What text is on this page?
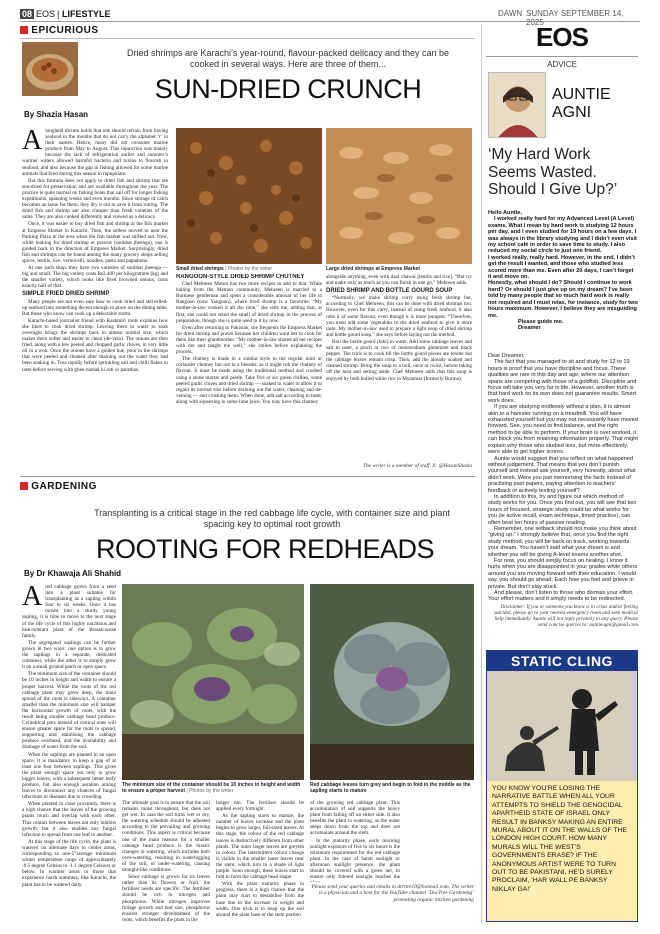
08 EOS | LIFESTYLE	DAWN SUNDAY SEPTEMBER 14, 2025
EPICURIOUS
Dried shrimps are Karachi’s year-round, flavour-packed delicacy and they can be cooked in several ways. Here are three of them...
SUN-DRIED CRUNCH
By Shazia Hasan
A longheld dictum holds that one should refrain from having seafood in the months that do not carry the alphabet ‘r’ in their names. Hence, many did not consume marine produce from May to August. This injunction was mainly because the lack of refrigeration earlier and summer’s warmer waters allowed harmful bacteria and toxins to flourish in seafood, and also because the gap in fishing allowed for some marine animals that bred during this season to repopulate.

But this formula does not apply to dried fish and shrimp that are sun-dried for preservation and are available throughout the year. The practice is quite normal on fishing boats that sail off for longer fishing expeditions, spanning weeks and even months. Since storage of catch becomes an issue for them, they dry it out to save it from rotting. The dried fish and shrimp are also cheaper than fresh varieties of the same. They are also cooked differently and viewed as a delicacy.

Once, it was easier to buy dried fish and shrimp at the fish market at Empress Market in Karachi. Then, the sellers moved to near the Parking Plaza in the area when the fish market was shifted out. Now, while looking for dried shrimp or prawns (soobhat jheenga), one is guided back in the direction of Empress Market. Surprisingly, dried fish and shrimps can be found among the many grocery shops selling spices, lentils, rice, vermicelli, noodles, pasta and papadums.

At one such shop, they have two varieties of soobhat jheenga — big and small. The big variety costs Rs2,400 per kilogramme (kg) and the smaller variety, which looks like fried browned onions, costs exactly half of that.

SIMPLE FRIED DRIED SHRIMP

Many people are not even sure how to cook dried and shrivelled-up seafood into something decent enough to place on the dining table. But those who know can cook up a delectable storm.

Karachi-based journalist friend with Kashmiri roots explains how she likes to cook dried shrimp. Leaving them in water to soak overnight brings the shrimps back to almost normal size, which makes them softer and easier to clean (de-vein). The onions are then fried, along with a few peeled and chopped garlic cloves, in very little oil in a wok. Once the onions have a golden hue, pour in the shrimps that were peeled and cleaned after draining out the water they had been soaking in. Toss rapidly before sprinkling salt and chilli flakes to taste before serving with ghee-namak ki roti or parathas.

Small dried shrimps | Photos by the writer	Large dried shrimps at Empress Market
RANGOON-STYLE DRIED SHRIMP CHUTNEY

Chef Mehreen Moton has two more recipes to add to that. While hailing from the Memon community, Mehreen is married to a Burmese gentleman and spent a considerable amount of her life in Rangoon (now Yangoon), where fried shrimp is a favourite. “My mother-in-law cooked it all the time,” she tells me, adding that, at first, she could not stand the smell of dried shrimp in the process of preparation, though she is quite used to it by now.

Even after returning to Pakistan, she frequents the Empress Market for dried shrimp and prawn because her children want her to cook for them like their grandmother. “My mother-in-law shared all her recipes with me and taught me well,” she smiles before explaining the process.

The chutney is made in a similar style to the regular mint or coriander chutney but not in a blender, as it might rob the chutney of flavour. It must be made using the traditional method and crushed using a stone mortar and pestle. Take five or six green chillies, some peeled garlic cloves and dried shrimp — soaked in water to allow it to regain its normal size before draining out the water, cleaning and de-veining — and crushing them. When done, add salt according to taste, along with squeezing in some lime juice. You may have this chutney

alongside anything, even with daal chawal [lentils and rice]. “But try and make only as much as you can finish in one go,” Mehreen adds.

DRIED SHRIMP AND BOTTLE GOURD SOUP

“Normally, we make shrimp curry using fresh shrimp but, according to Chef Mehreen, this can be done with dried shrimps too. However, even for this curry, instead of using fresh seafood, it also robs it of some flavour, even though it is more pungent. “Therefore, you must add some vegetables to the dried seafood to give it more taste. My mother-in-law used to prepare a light soup of dried shrimp and bottle gourd soup,” she says before laying out the method.

Boil the bottle gourd (loki) in water. Add some cabbage leaves and salt to taste, a pinch or two of monosodium glutamate and black pepper. The trick is to cook till the bottle gourd pieces are tender but the cabbage leaves remain crisp. Then, add the already soaked and cleaned shrimp. Bring the soup to a boil, once or twice, before taking off the heat and setting aside. Chef Mehreen adds that this soup is enjoyed by both boiled white rice in Myanmar (formerly Burma).

The writer is a member of staff. X: @HasanShazia
GARDENING
Transplanting is a critical stage in the red cabbage life cycle, with container size and plant spacing key to optimal root growth
ROOTING FOR REDHEADS
By Dr Khawaja Ali Shahid
A red cabbage grows from a seed into a plant suitable for transplanting as a sapling within four to six weeks. Once it has turned into a sturdy young sapling, it is time to move to the next stage of the life cycle of this highly nutritious and heat-tolerant plant of the Brassicaceae family.

The segregated saplings can be further grown in two ways: one option is to grow the saplings in a separate, dedicated container, while the other is to simply grow it on a small ground patch or open space.

The minimum size of the container should be 10 inches in height and width to ensure a proper harvest. While the roots of the red cabbage plant may grow deep, the main spread of the roots is sideways. A container smaller than the minimum size will hamper the horizontal growth of roots, with the result being smaller cabbage head produce. Cylindrical pots instead of conical ones will ensure greater space for the roots to spread, supporting and stabilising the cabbage produce overhead, and the availability and drainage of water from the soil.

When the saplings are planted in an open space, it is mandatory to keep a gap of at least one foot between saplings. This gives the plant enough space not only to grow bigger leaves, with a subsequent better leafy produce, but also enough aeration among leaves to disconnect any chances of fungal infections or diseases due to crowding.

When planted in close proximity, there is a high chance that the leaves of the growing plants touch and overlap with each other. This contact between leaves not only inhibits growth, but it also enables any fungal infection to spread from one leaf to another.

At this stage of the life cycle, the plant is watered on alternate days in colder areas, corresponding to one-5°average minimum winter temperature range of approximately -0.5 degree Celsius to -1.1 degree Celsius) or below. In warmer areas or those that experience harsh summers, like Karachi, the plant has to be watered daily.

The minimum size of the container should be 10 inches in height and width to ensure a proper harvest | Photos by the writer
Red cabbage leaves turn grey and begin to fold in the middle as the sapling starts to mature

The ultimate goal is to ensure that the soil remains moist throughout, but does not get wet. In case the soil turns wet or dry, the watering schedule should be adjusted according to the prevailing and growing conditions. This aspect is critical because one of the main reasons for a smaller cabbage head produce is the drastic changes in watering, which includes both over-watering, resulting in waterlogging of the soil, or under-watering, causing drought-like conditions.

Since cabbage is grown for its leaves rather than its flowers or fruit, the fertiliser needs are specific. The fertiliser should be rich in nitrogen and phosphorus. While nitrogen improves foliage growth and leaf size, phosphorus ensures stronger development of the roots, which benefits the plant in the

longer run. The fertiliser should be applied every fortnight.

As the sapling starts to mature, the number of leaves increase and the plant begins to grow larger, full-sized leaves. At this stage, the colour of the red cabbage leaves is distinctively different from other plants. The outer larger leaves are greyish in colour. The intermittent colour change is visible in the smaller inner leaves near the stem, which turn to a shade of light purple. Soon enough, these leaves start to fold to form the cabbage head shape.

With the plant maturity phase in progress, there is a high chance that the plant may start to destabilise from the base due to the increase in weight and width. One trick is to heap up the soil around the plant base or the stem portion

of the growing red cabbage plant. This accumulation of soil supports the heavy plant from falling off on either side. It also benefits the plant in watering, as the water seeps down from the top and does not accumulate around the stem.

In the maturity phase, early morning sunlight exposure of five to six hours is the minimum requirement for the red cabbage plant. In the case of harsh sunlight or afternoon sunlight presence, the plant should be covered with a green net, to ensure only filtered sunlight reaches the

Please send your queries and emails to drtrtre10@hotmail.com. The writer is a physician and a host for the YouTube channel ‘DocTree Gardening’ promoting organic kitchen gardening
EOS
ADVICE
AUNTIE
AGNI
‘My Hard Work Seems Wasted. Should I Give Up?’
Hello Auntie,
I worked really hard for my Advanced Level (A Level) exams. What I mean by hard work is studying 12 hours per day, and I even studied for 19 hours on a few days. I was always in the library studying and I didn’t even visit my school café in order to save time to study. I also reduced my social circle to just one friend.
I worked really, really hard. However, in the end, I didn’t get the result I wanted, and those who studied less scored more than me. Even after 20 days, I can’t forget it and move on.
Honestly, what should I do? Should I continue to work hard? Or should I just give up on my dream? I’ve been told by many people that so much hard work is really not required and I must relax, for instance, study for two hours maximum. However, I believe they are misguiding me.
Please guide me.
Dreamer
Dear Dreamer,

The fact that you managed to sit and study for 12 to 19 hours is proof that you have discipline and focus. These qualities are rare in this day and age, where our attention spans are competing with those of a goldfish. Discipline and focus will take you very far in life. However, another truth is that hard work on its own does not guarantee results. Smart work does.

If you are studying endlessly without a plan, it is almost akin to a hamster running on a treadmill. You will have exhausted yourself but you may not necessarily have moved forward. See, you need to find balance, and the right method to be able to perform. If your brain is over worked, it can block you from retaining information properly. That might explain why those who studied less, but more effectively, were able to get higher scores.

Auntie would suggest that you reflect on what happened without judgement. That means that you don’t punish yourself and instead ask yourself, very honestly, about what didn’t work. Were you just memorising the facts instead of practising past papers, paying attention to teachers’ feedback or actively testing yourself?

In addition to this, try and figure out which method of study works for you. Once you find out, you will see that two hours of focused, strategic study could be what works for you (ie active recall, exam technique, timed practice), can often beat ten hours of passive reading.

Remember, one setback should not make you think about “giving up.” I strongly believe that, once you find the right study method, you will be back on track, working towards your dream. You haven’t said what your dream is and whether you will be giving A-level exams another shot.

For now, you should simply focus on healing. I know it hurts when you are disappointed in your grades while others around you are moving forward with their education. I would say, you should go ahead. Each how you feel and grieve in private. But don’t stay stuck.

And please, don’t listen to those who dismiss your effort. Your effort matters and it simply needs to be redirected.

Disclaimer: If you or someone you know is in crisis and/or feeling suicidal, please go to your nearest emergency room and seek medical help immediately. Auntie will not reply privately to any query. Please send concise queries to: auntieagni@gmail.com
STATIC CLING
YOU KNOW YOU’RE LOSING THE NARRATIVE BATTLE WHEN ALL YOUR ATTEMPTS TO SHIELD THE GENOCIDAL APARTHEID STATE OF ISRAEL ONLY RESULT IN BANKSY MAKING AN ENTIRE MURAL ABOUT IT ON THE WALLS OF THE LONDON HIGH COURT. HOW MANY MURALS WILL THE WEST’S GOVERNMENTS ERASE? IF THE ANONYMOUS ARTIST WERE TO TURN OUT TO BE PAKISTANI, HE’D SURELY PROCLAIM, ‘HAR WALL PE BANKSY NIKLAY GA!’
